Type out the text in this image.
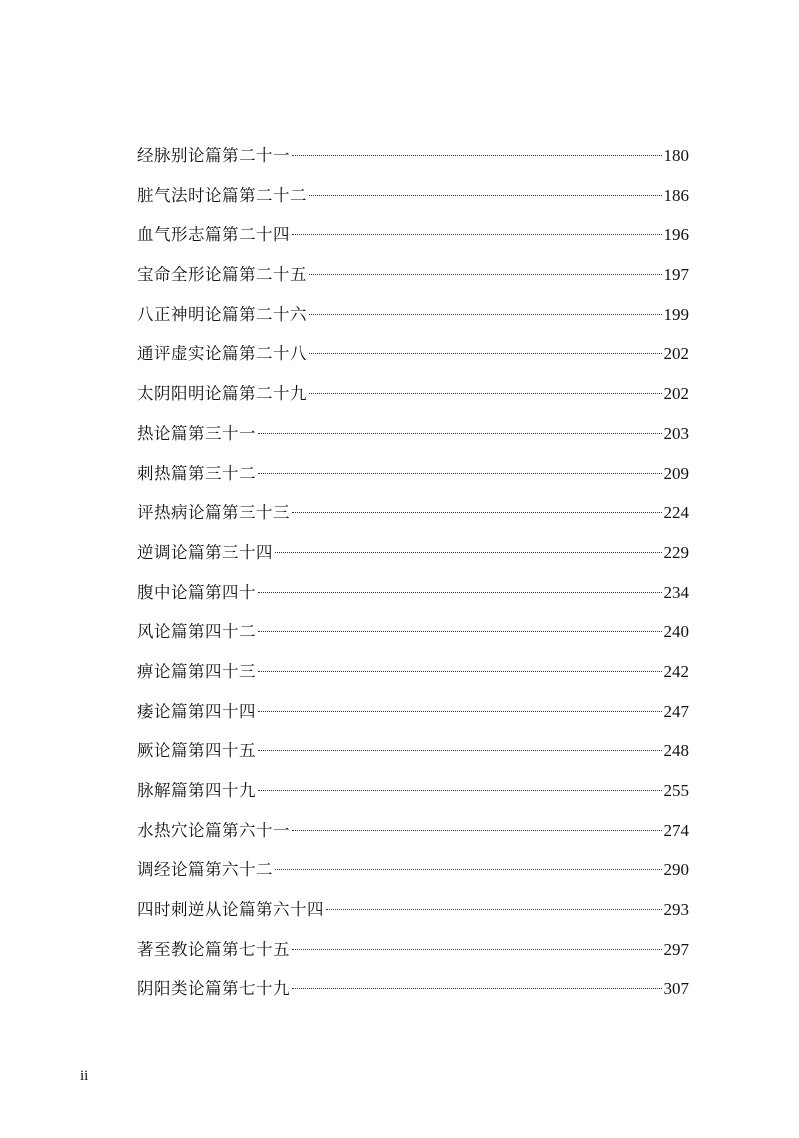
经脉别论篇第二十一	180
脏气法时论篇第二十二	186
血气形志篇第二十四	196
宝命全形论篇第二十五	197
八正神明论篇第二十六	199
通评虚实论篇第二十八	202
太阴阳明论篇第二十九	202
热论篇第三十一	203
刺热篇第三十二	209
评热病论篇第三十三	224
逆调论篇第三十四	229
腹中论篇第四十	234
风论篇第四十二	240
痹论篇第四十三	242
痿论篇第四十四	247
厥论篇第四十五	248
脉解篇第四十九	255
水热穴论篇第六十一	274
调经论篇第六十二	290
四时刺逆从论篇第六十四	293
著至教论篇第七十五	297
阴阳类论篇第七十九	307
ii
